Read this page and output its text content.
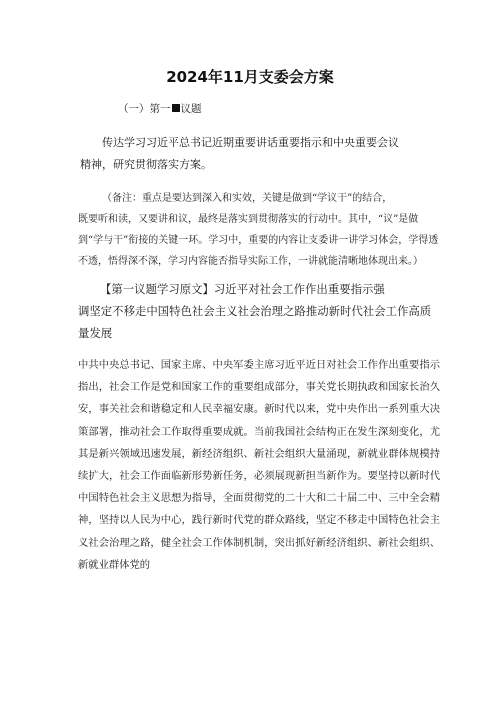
2024年11月支委会方案
（一）第一 议题
传达学习习近平总书记近期重要讲话重要指示和中央重要会议
精神，研究贯彻落实方案。
（备注：重点是要达到深入和实效，关键是做到“学议干”的结合，
既要听和读，又要讲和议，最终是落实到贯彻落实的行动中。其中，“议”是做到“学与干”衔接的关键一环。学习中，重要的内容让支委讲一讲学习体会，学得透不透，悟得深不深，学习内容能否指导实际工作，一讲就能清晰地体现出来。）
【第一议题学习原文】习近平对社会工作作出重要指示强
调坚定不移走中国特色社会主义社会治理之路推动新时代社会工作高质量发展
中共中央总书记、国家主席、中央军委主席习近平近日对社会工作作出重要指示指出，社会工作是党和国家工作的重要组成部分，事关党长期执政和国家长治久安，事关社会和谐稳定和人民幸福安康。新时代以来，党中央作出一系列重大决策部署，推动社会工作取得重要成就。当前我国社会结构正在发生深刻变化，尤其是新兴领域迅速发展，新经济组织、新社会组织大量涌现，新就业群体规模持续扩大，社会工作面临新形势新任务，必须展现新担当新作为。要坚持以新时代中国特色社会主义思想为指导，全面贯彻党的二十大和二十届二中、三中全会精神，坚持以人民为中心，践行新时代党的群众路线，坚定不移走中国特色社会主义社会治理之路，健全社会工作体制机制，突出抓好新经济组织、新社会组织、新就业群体党的
